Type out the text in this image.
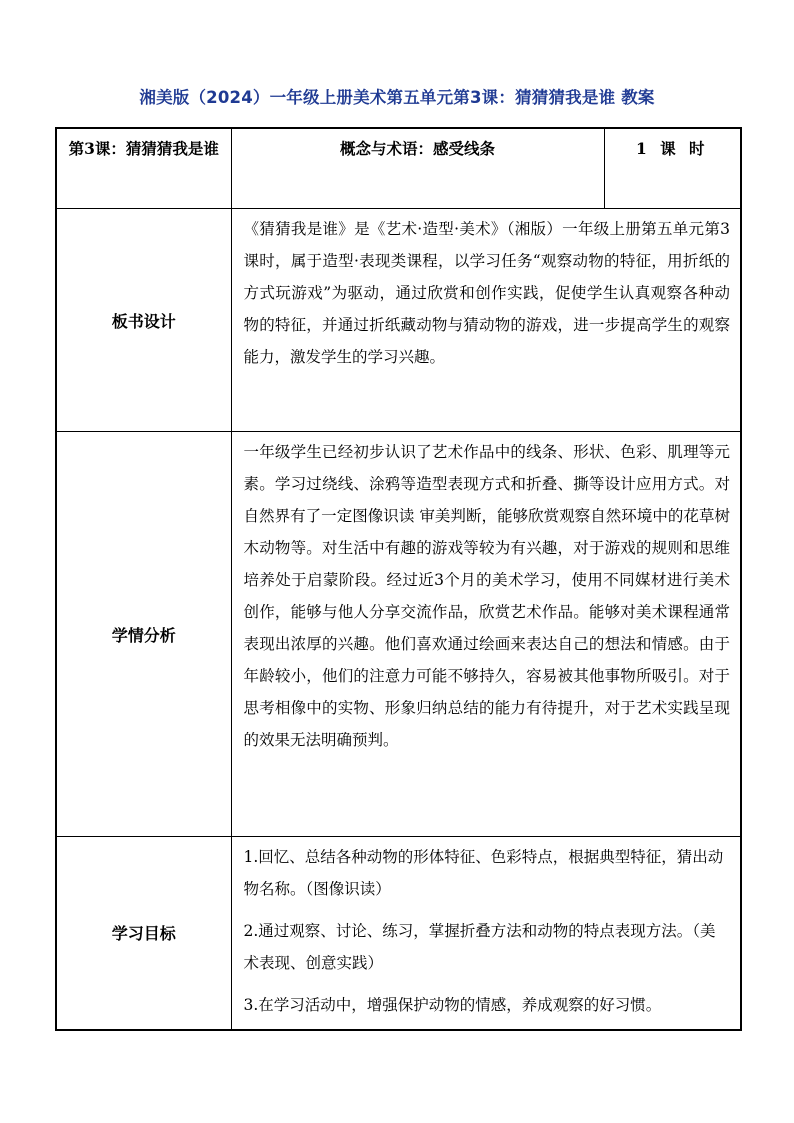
湘美版（2024）一年级上册美术第五单元第3课：猜猜猜我是谁 教案
第3课：猜猜猜我是谁	概念与术语：感受线条	1 课 时
板书设计	《猜猜我是谁》是《艺术·造型·美术》（湘版）一年级上册第五单元第3课时，属于造型·表现类课程，以学习任务“观察动物的特征，用折纸的方式玩游戏”为驱动，通过欣赏和创作实践，促使学生认真观察各种动物的特征，并通过折纸藏动物与猜动物的游戏，进一步提高学生的观察能力，激发学生的学习兴趣。	
学情分析	一年级学生已经初步认识了艺术作品中的线条、形状、色彩、肌理等元素。学习过绕线、涂鸦等造型表现方式和折叠、撕等设计应用方式。对自然界有了一定图像识读 审美判断，能够欣赏观察自然环境中的花草树木动物等。对生活中有趣的游戏等较为有兴趣，对于游戏的规则和思维培养处于启蒙阶段。经过近3个月的美术学习，使用不同媒材进行美术创作，能够与他人分享交流作品，欣赏艺术作品。能够对美术课程通常表现出浓厚的兴趣。他们喜欢通过绘画来表达自己的想法和情感。由于年龄较小，他们的注意力可能不够持久，容易被其他事物所吸引。对于思考相像中的实物、形象归纳总结的能力有待提升，对于艺术实践呈现的效果无法明确预判。	
学习目标	1.回忆、总结各种动物的形体特征、色彩特点，根据典型特征，猜出动物名称。（图像识读）

2.通过观察、讨论、练习，掌握折叠方法和动物的特点表现方法。（美术表现、创意实践）

3.在学习活动中，增强保护动物的情感，养成观察的好习惯。	
